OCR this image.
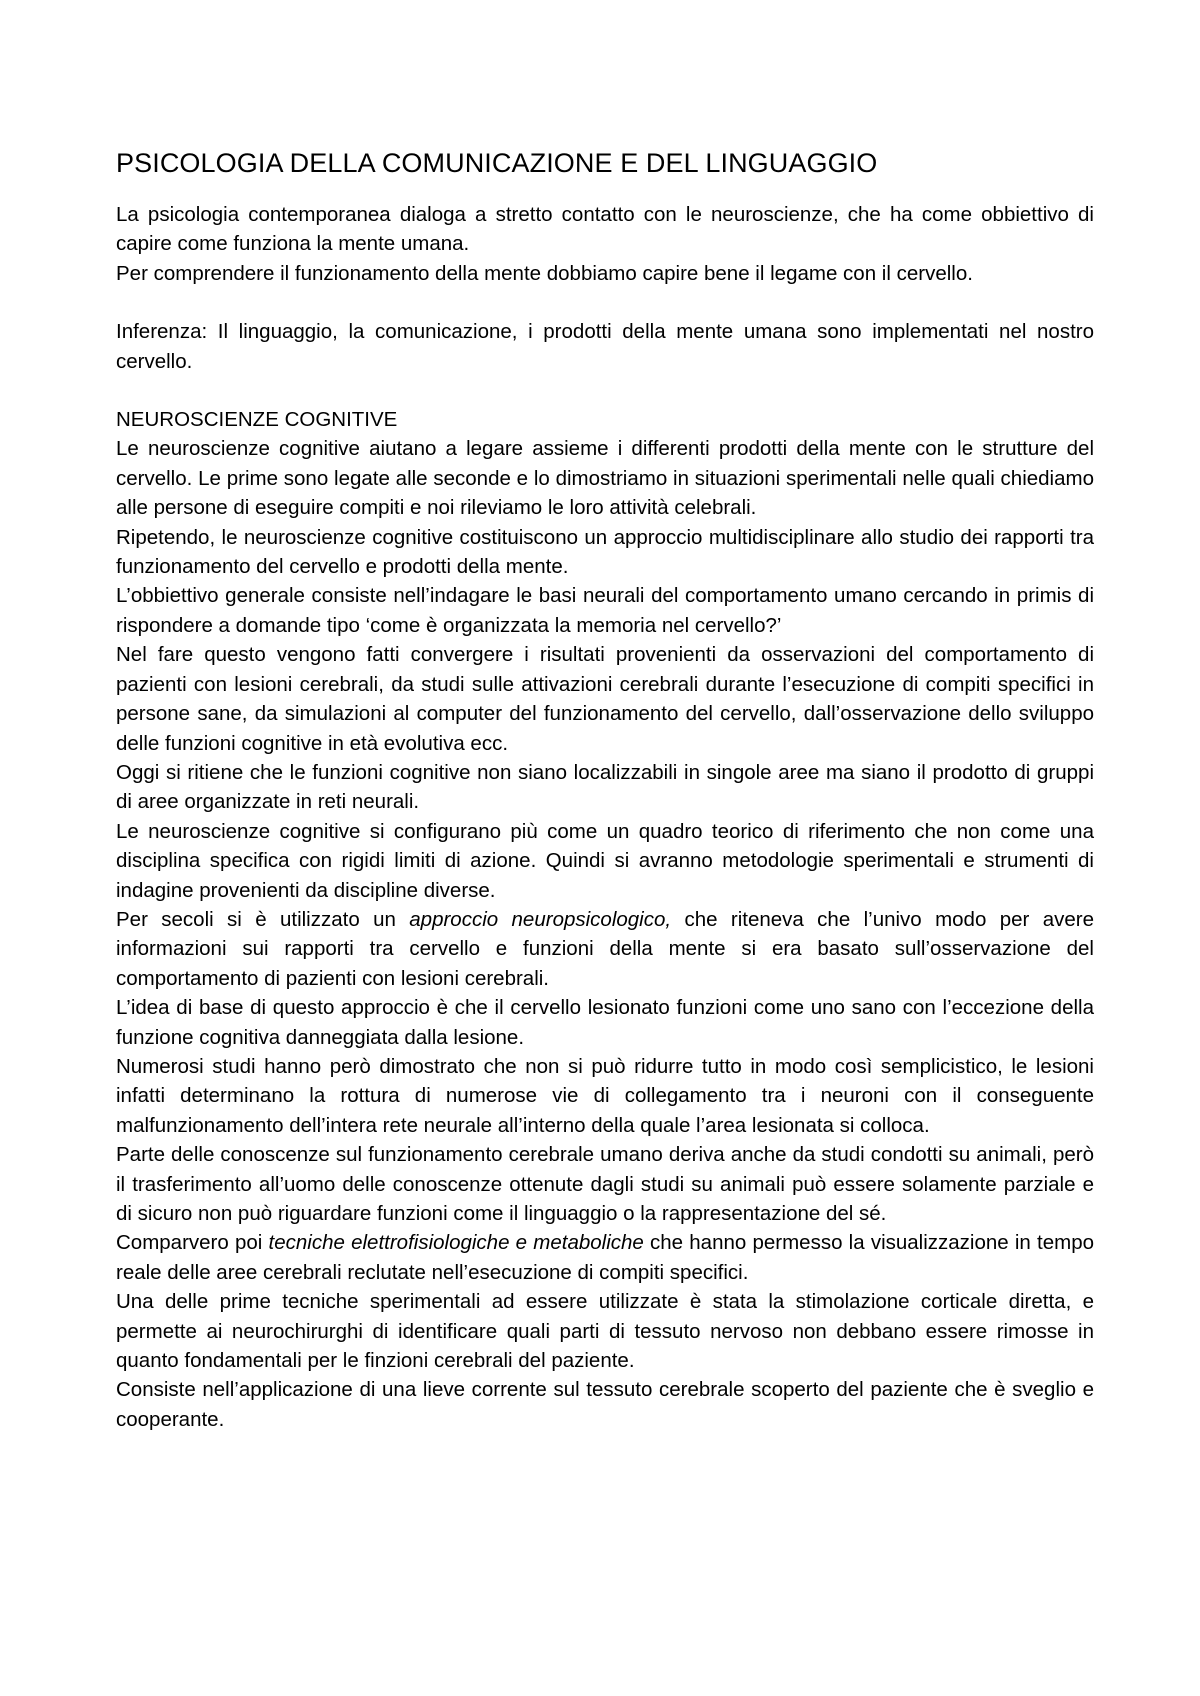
PSICOLOGIA DELLA COMUNICAZIONE E DEL LINGUAGGIO

La psicologia contemporanea dialoga a stretto contatto con le neuroscienze, che ha come obbiettivo di capire come funziona la mente umana.

Per comprendere il funzionamento della mente dobbiamo capire bene il legame con il cervello.

Inferenza: Il linguaggio, la comunicazione, i prodotti della mente umana sono implementati nel nostro cervello.

NEUROSCIENZE COGNITIVE

Le neuroscienze cognitive aiutano a legare assieme i differenti prodotti della mente con le strutture del cervello. Le prime sono legate alle seconde e lo dimostriamo in situazioni sperimentali nelle quali chiediamo alle persone di eseguire compiti e noi rileviamo le loro attività celebrali.

Ripetendo, le neuroscienze cognitive costituiscono un approccio multidisciplinare allo studio dei rapporti tra funzionamento del cervello e prodotti della mente.

L’obbiettivo generale consiste nell’indagare le basi neurali del comportamento umano cercando in primis di rispondere a domande tipo ‘come è organizzata la memoria nel cervello?’

Nel fare questo vengono fatti convergere i risultati provenienti da osservazioni del comportamento di pazienti con lesioni cerebrali, da studi sulle attivazioni cerebrali durante l’esecuzione di compiti specifici in persone sane, da simulazioni al computer del funzionamento del cervello, dall’osservazione dello sviluppo delle funzioni cognitive in età evolutiva ecc.

Oggi si ritiene che le funzioni cognitive non siano localizzabili in singole aree ma siano il prodotto di gruppi di aree organizzate in reti neurali.

Le neuroscienze cognitive si configurano più come un quadro teorico di riferimento che non come una disciplina specifica con rigidi limiti di azione. Quindi si avranno metodologie sperimentali e strumenti di indagine provenienti da discipline diverse.

Per secoli si è utilizzato un approccio neuropsicologico, che riteneva che l’univo modo per avere informazioni sui rapporti tra cervello e funzioni della mente si era basato sull’osservazione del comportamento di pazienti con lesioni cerebrali.

L’idea di base di questo approccio è che il cervello lesionato funzioni come uno sano con l’eccezione della funzione cognitiva danneggiata dalla lesione.

Numerosi studi hanno però dimostrato che non si può ridurre tutto in modo così semplicistico, le lesioni infatti determinano la rottura di numerose vie di collegamento tra i neuroni con il conseguente malfunzionamento dell’intera rete neurale all’interno della quale l’area lesionata si colloca.

Parte delle conoscenze sul funzionamento cerebrale umano deriva anche da studi condotti su animali, però il trasferimento all’uomo delle conoscenze ottenute dagli studi su animali può essere solamente parziale e di sicuro non può riguardare funzioni come il linguaggio o la rappresentazione del sé.

Comparvero poi tecniche elettrofisiologiche e metaboliche che hanno permesso la visualizzazione in tempo reale delle aree cerebrali reclutate nell’esecuzione di compiti specifici.

Una delle prime tecniche sperimentali ad essere utilizzate è stata la stimolazione corticale diretta, e permette ai neurochirurghi di identificare quali parti di tessuto nervoso non debbano essere rimosse in quanto fondamentali per le finzioni cerebrali del paziente.

Consiste nell’applicazione di una lieve corrente sul tessuto cerebrale scoperto del paziente che è sveglio e cooperante.
